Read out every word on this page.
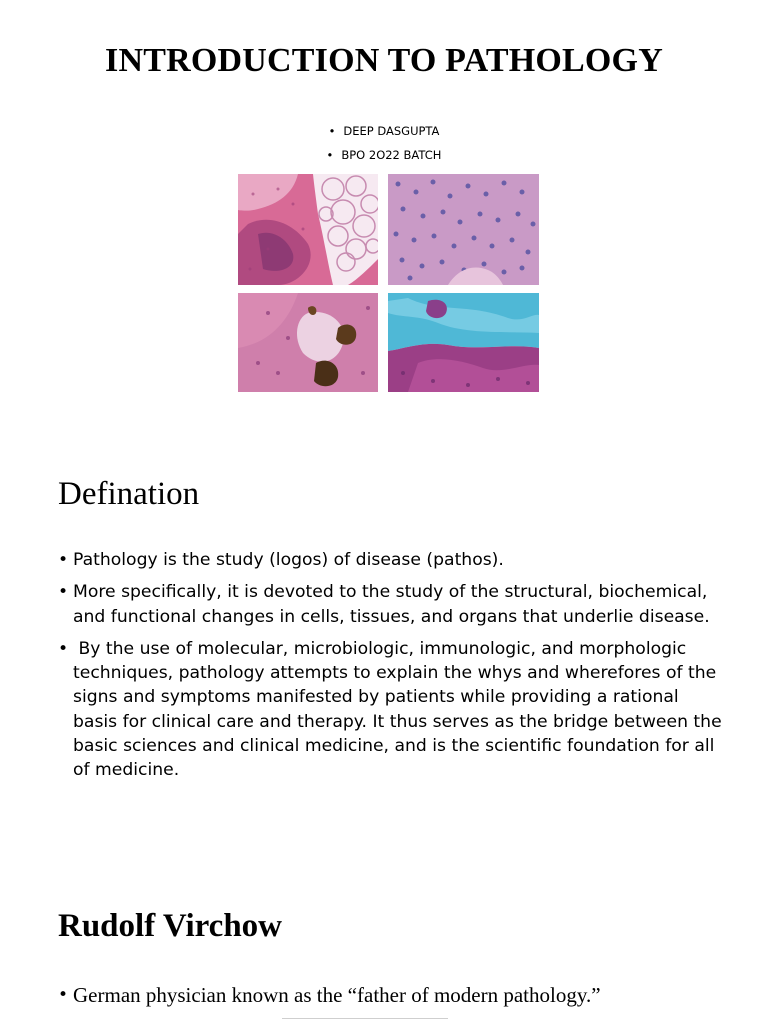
INTRODUCTION TO PATHOLOGY
• DEEP DASGUPTA
• BPO 2O22 BATCH
Defination
• Pathology is the study (logos) of disease (pathos).
• More specifically, it is devoted to the study of the structural, biochemical, and functional changes in cells, tissues, and organs that underlie disease.
• By the use of molecular, microbiologic, immunologic, and morphologic techniques, pathology attempts to explain the whys and wherefores of the signs and symptoms manifested by patients while providing a rational basis for clinical care and therapy. It thus serves as the bridge between the basic sciences and clinical medicine, and is the scientific foundation for all of medicine.
Rudolf Virchow
• German physician known as the “father of modern pathology.”
